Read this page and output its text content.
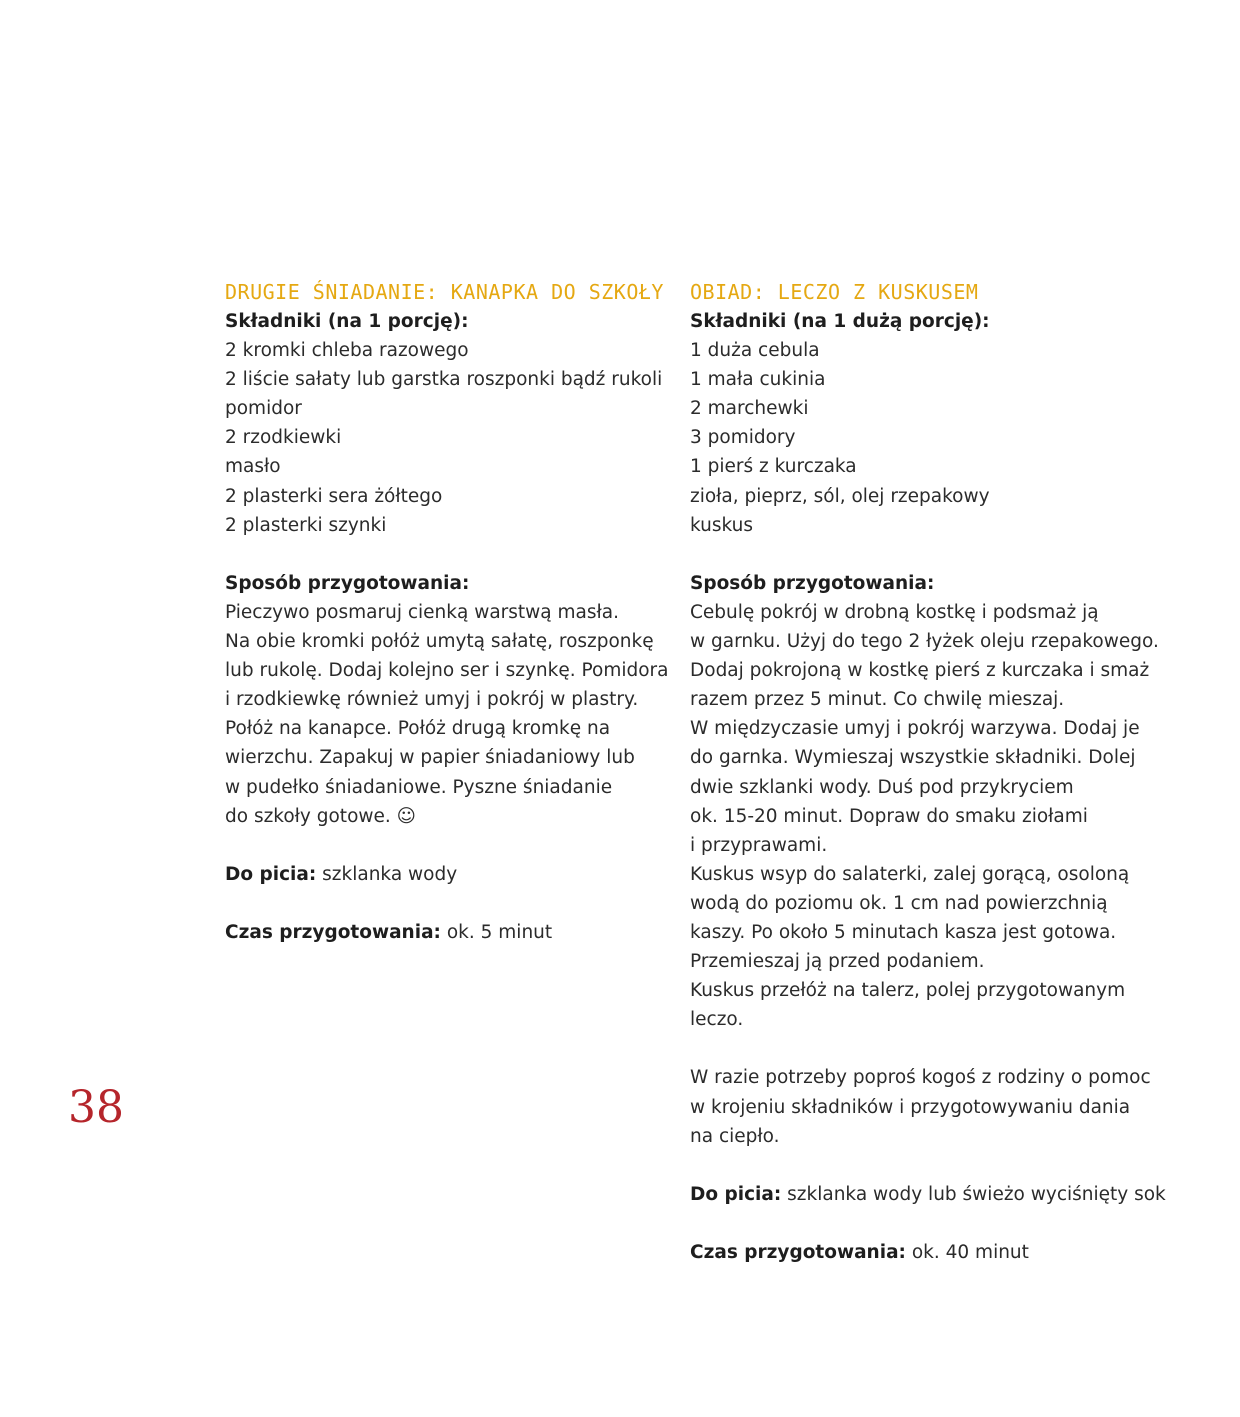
DRUGIE ŚNIADANIE: KANAPKA DO SZKOŁY
Składniki (na 1 porcję):
2 kromki chleba razowego
2 liście sałaty lub garstka roszponki bądź rukoli
pomidor
2 rzodkiewki
masło
2 plasterki sera żółtego
2 plasterki szynki
Sposób przygotowania:
Pieczywo posmaruj cienką warstwą masła.
Na obie kromki połóż umytą sałatę, roszponkę
lub rukolę. Dodaj kolejno ser i szynkę. Pomidora
i rzodkiewkę również umyj i pokrój w plastry.
Połóż na kanapce. Połóż drugą kromkę na
wierzchu. Zapakuj w papier śniadaniowy lub
w pudełko śniadaniowe. Pyszne śniadanie
do szkoły gotowe. ☺
Do picia: szklanka wody
Czas przygotowania: ok. 5 minut
OBIAD: LECZO Z KUSKUSEM
Składniki (na 1 dużą porcję):
1 duża cebula
1 mała cukinia
2 marchewki
3 pomidory
1 pierś z kurczaka
zioła, pieprz, sól, olej rzepakowy
kuskus
Sposób przygotowania:
Cebulę pokrój w drobną kostkę i podsmaż ją
w garnku. Użyj do tego 2 łyżek oleju rzepakowego.
Dodaj pokrojoną w kostkę pierś z kurczaka i smaż
razem przez 5 minut. Co chwilę mieszaj.
W międzyczasie umyj i pokrój warzywa. Dodaj je
do garnka. Wymieszaj wszystkie składniki. Dolej
dwie szklanki wody. Duś pod przykryciem
ok. 15-20 minut. Dopraw do smaku ziołami
i przyprawami.
Kuskus wsyp do salaterki, zalej gorącą, osoloną
wodą do poziomu ok. 1 cm nad powierzchnią
kaszy. Po około 5 minutach kasza jest gotowa.
Przemieszaj ją przed podaniem.
Kuskus przełóż na talerz, polej przygotowanym
leczo.
W razie potrzeby poproś kogoś z rodziny o pomoc
w krojeniu składników i przygotowywaniu dania
na ciepło.
Do picia: szklanka wody lub świeżo wyciśnięty sok
Czas przygotowania: ok. 40 minut
38
